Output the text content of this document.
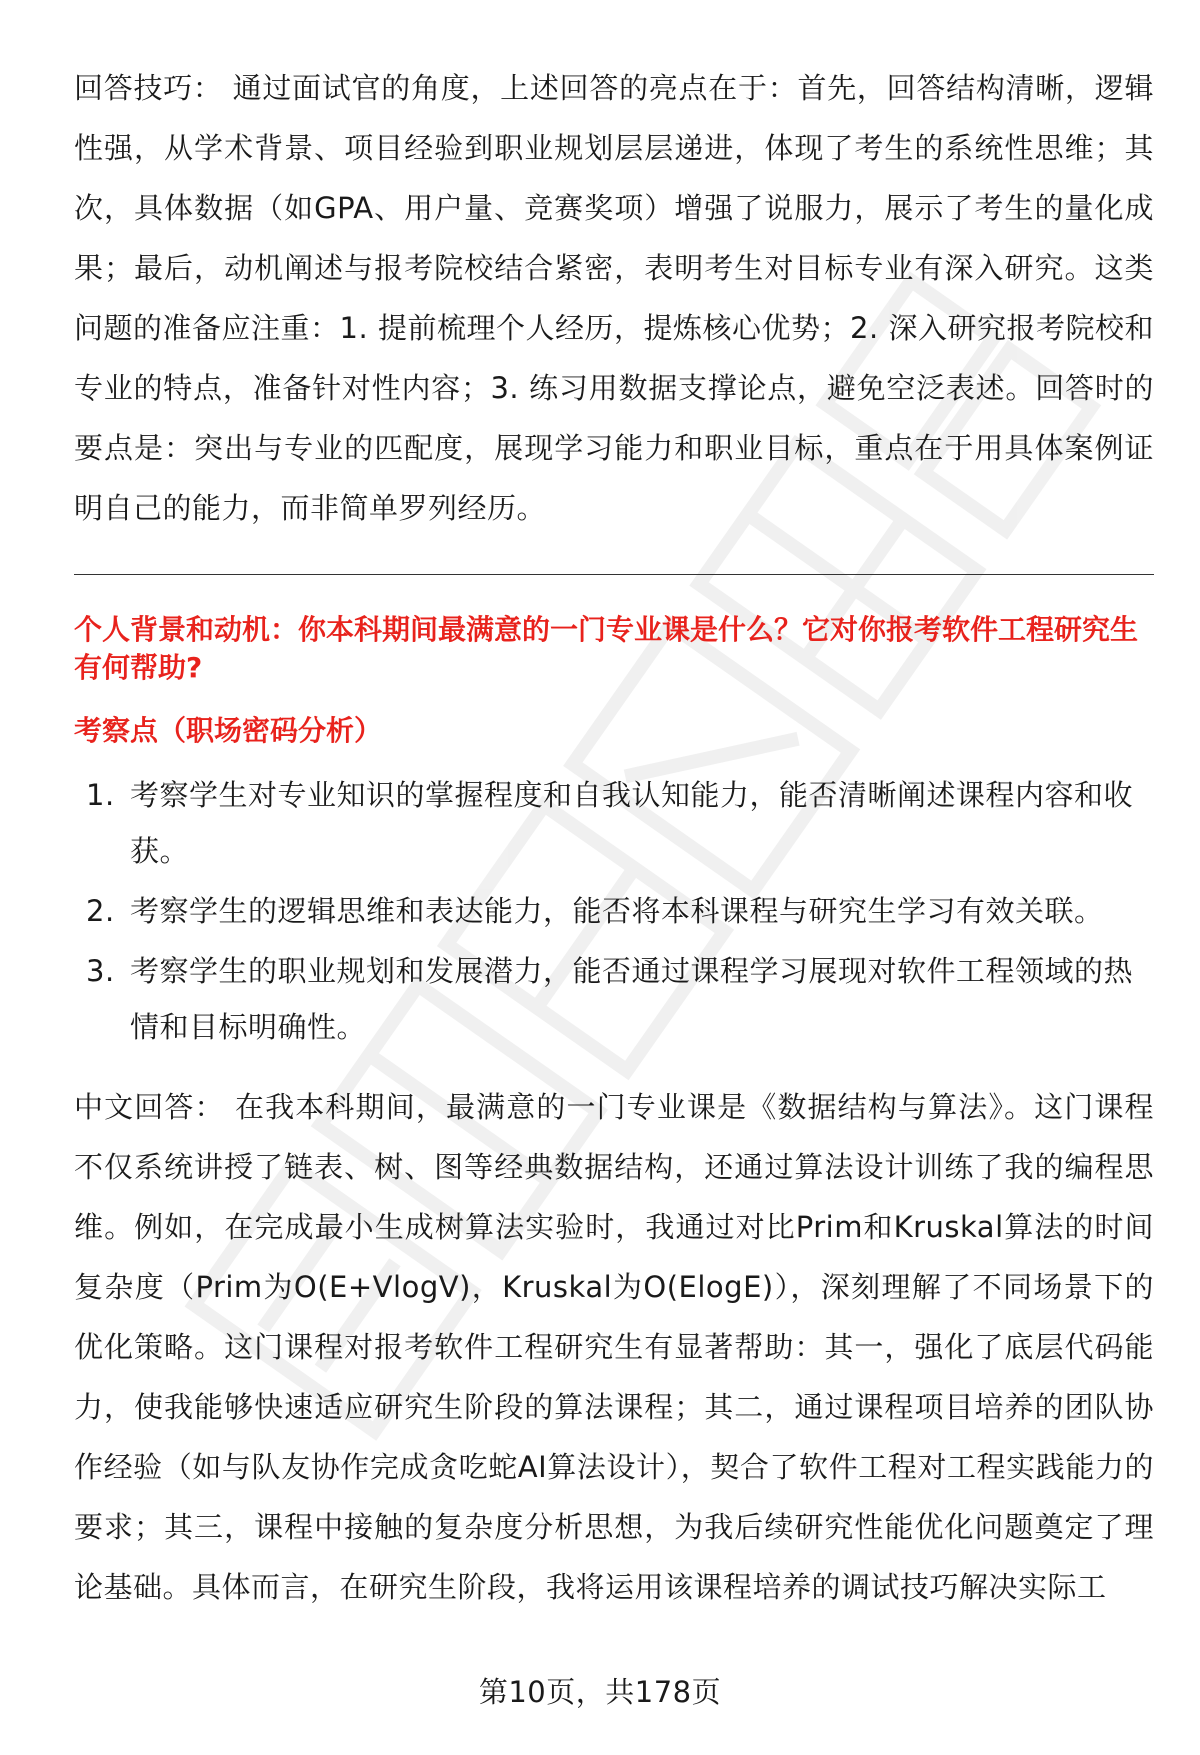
回答技巧： 通过面试官的角度，上述回答的亮点在于：首先，回答结构清晰，逻辑性强，从学术背景、项目经验到职业规划层层递进，体现了考生的系统性思维；其次，具体数据（如GPA、用户量、竞赛奖项）增强了说服力，展示了考生的量化成果；最后，动机阐述与报考院校结合紧密，表明考生对目标专业有深入研究。这类问题的准备应注重：1. 提前梳理个人经历，提炼核心优势；2. 深入研究报考院校和专业的特点，准备针对性内容；3. 练习用数据支撑论点，避免空泛表述。回答时的要点是：突出与专业的匹配度，展现学习能力和职业目标，重点在于用具体案例证明自己的能力，而非简单罗列经历。

个人背景和动机：你本科期间最满意的一门专业课是什么？它对你报考软件工程研究生有何帮助?

考察点（职场密码分析）

1. 考察学生对专业知识的掌握程度和自我认知能力，能否清晰阐述课程内容和收获。
2. 考察学生的逻辑思维和表达能力，能否将本科课程与研究生学习有效关联。
3. 考察学生的职业规划和发展潜力，能否通过课程学习展现对软件工程领域的热情和目标明确性。

中文回答： 在我本科期间，最满意的一门专业课是《数据结构与算法》。这门课程不仅系统讲授了链表、树、图等经典数据结构，还通过算法设计训练了我的编程思维。例如，在完成最小生成树算法实验时，我通过对比Prim和Kruskal算法的时间复杂度（Prim为O(E+VlogV)，Kruskal为O(ElogE)），深刻理解了不同场景下的优化策略。这门课程对报考软件工程研究生有显著帮助：其一，强化了底层代码能力，使我能够快速适应研究生阶段的算法课程；其二，通过课程项目培养的团队协作经验（如与队友协作完成贪吃蛇AI算法设计），契合了软件工程对工程实践能力的要求；其三，课程中接触的复杂度分析思想，为我后续研究性能优化问题奠定了理论基础。具体而言，在研究生阶段，我将运用该课程培养的调试技巧解决实际工

第10页，共178页
